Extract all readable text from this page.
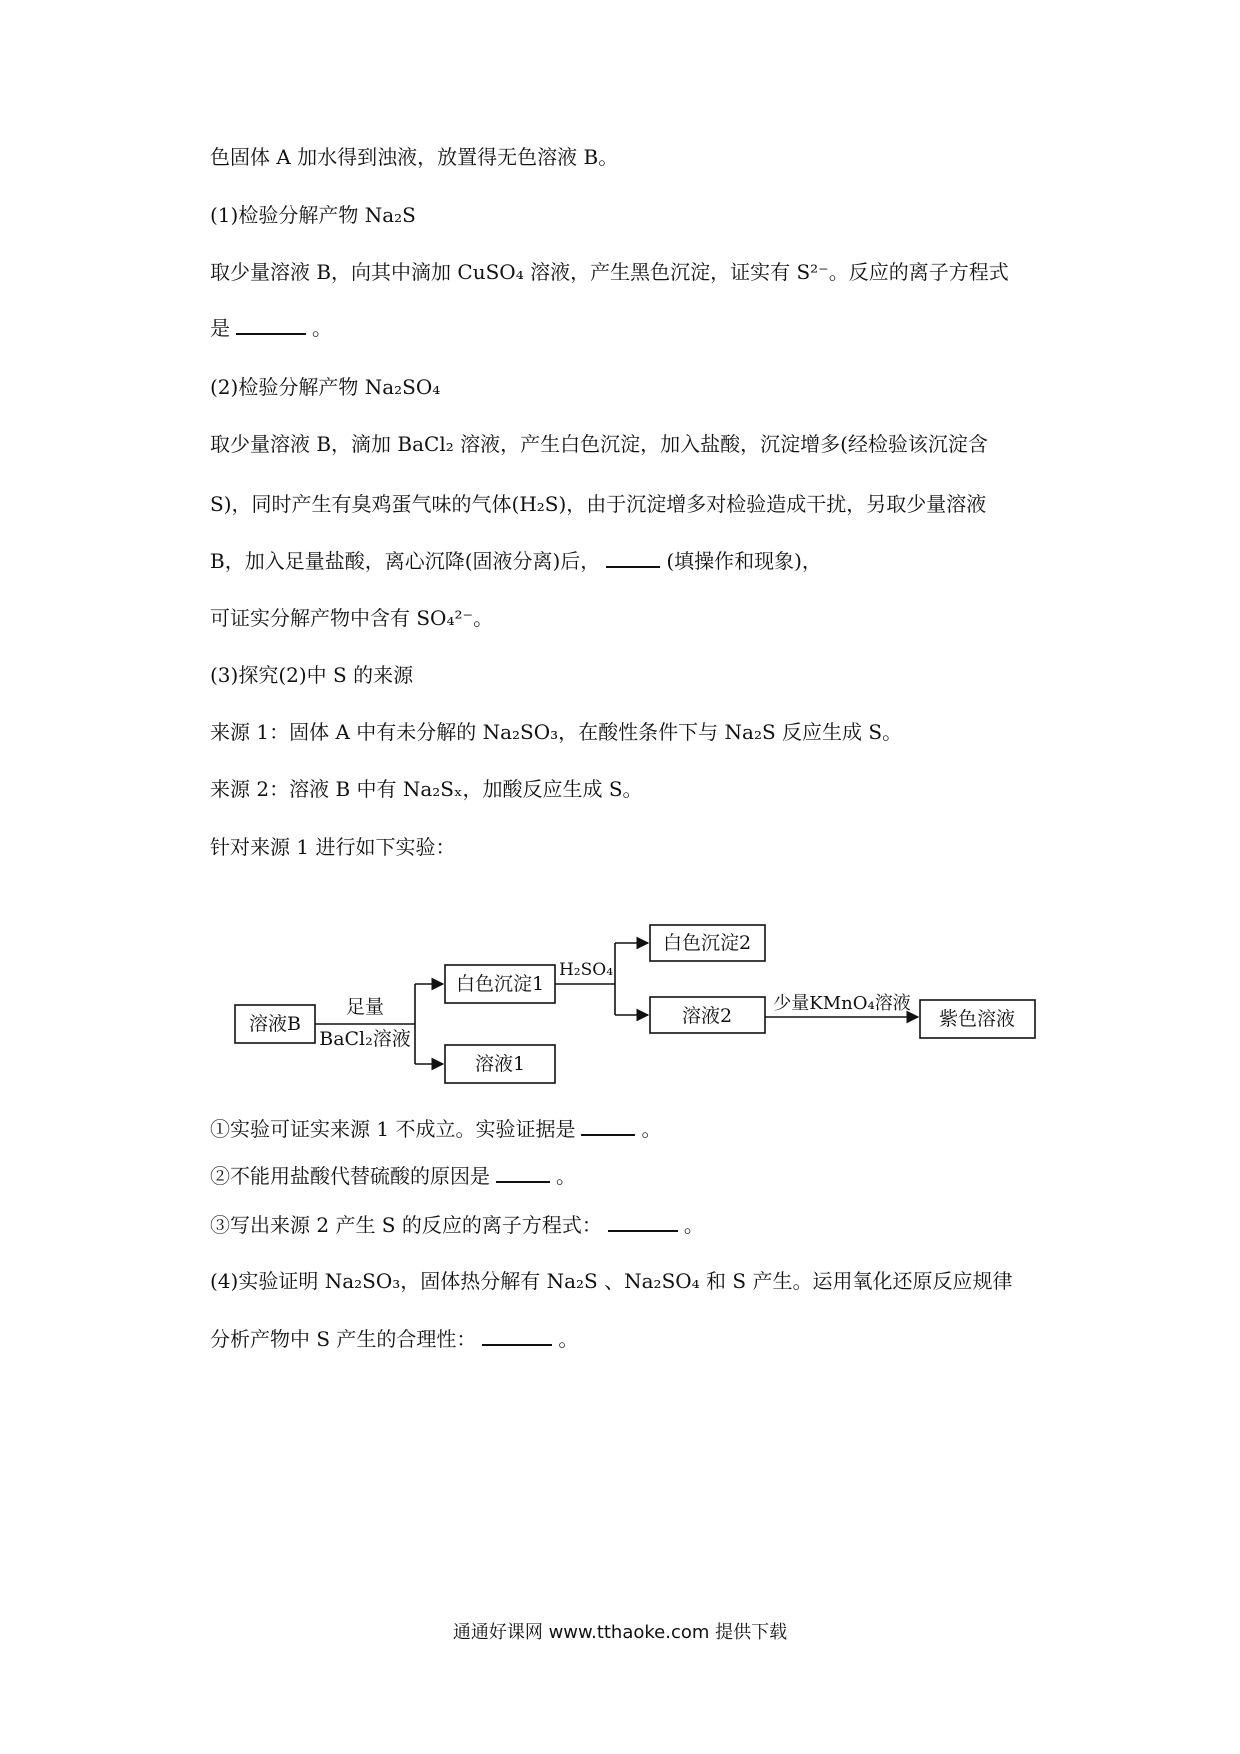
色固体 A 加水得到浊液，放置得无色溶液 B。
(1)检验分解产物 Na₂S
取少量溶液 B，向其中滴加 CuSO₄ 溶液，产生黑色沉淀，证实有 S²⁻。反应的离子方程式
是	。
(2)检验分解产物 Na₂SO₄
取少量溶液 B，滴加 BaCl₂ 溶液，产生白色沉淀，加入盐酸，沉淀增多(经检验该沉淀含
S)，同时产生有臭鸡蛋气味的气体(H₂S)，由于沉淀增多对检验造成干扰，另取少量溶液
B，加入足量盐酸，离心沉降(固液分离)后，	(填操作和现象)，
可证实分解产物中含有 SO₄²⁻。
(3)探究(2)中 S 的来源
来源 1：固体 A 中有未分解的 Na₂SO₃，在酸性条件下与 Na₂S 反应生成 S。
来源 2：溶液 B 中有 Na₂Sₓ，加酸反应生成 S。
针对来源 1 进行如下实验：
溶液B
足量
BaCl₂溶液
白色沉淀1
溶液1
H₂SO₄
白色沉淀2
溶液2
少量KMnO₄溶液
紫色溶液
①实验可证实来源 1 不成立。实验证据是	。
②不能用盐酸代替硫酸的原因是	。
③写出来源 2 产生 S 的反应的离子方程式：	。
(4)实验证明 Na₂SO₃，固体热分解有 Na₂S 、Na₂SO₄ 和 S 产生。运用氧化还原反应规律
分析产物中 S 产生的合理性：	。
通通好课网 www.tthaoke.com 提供下载
